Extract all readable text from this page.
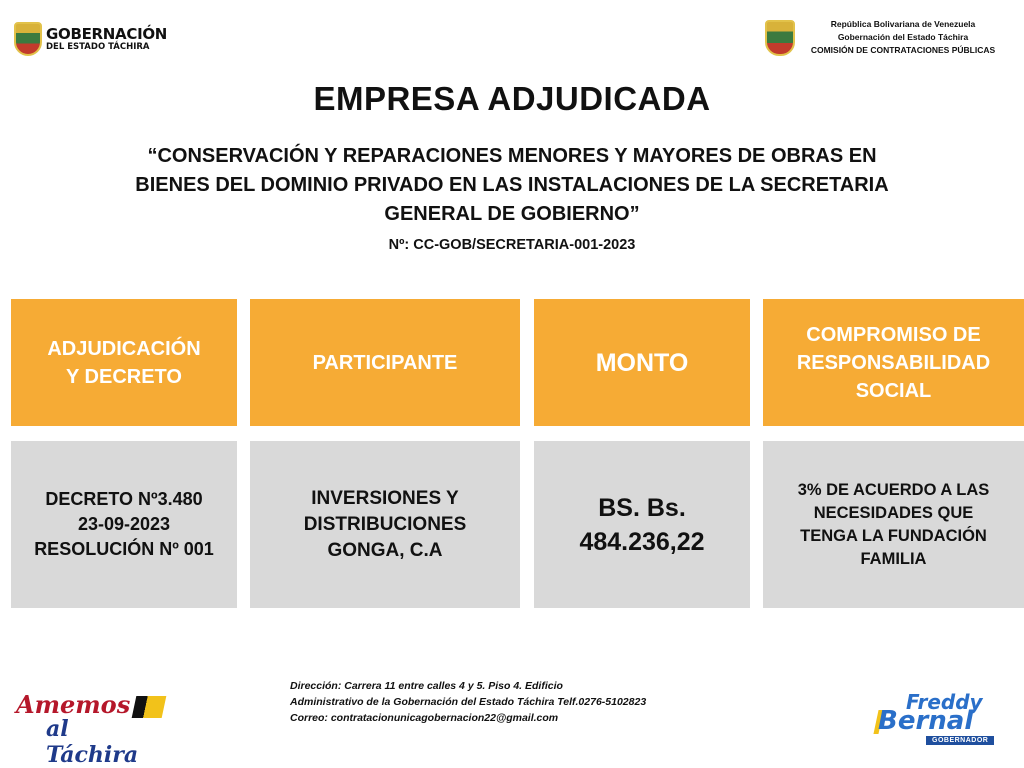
GOBERNACIÓN
DEL ESTADO TÁCHIRA
República Bolivariana de Venezuela
Gobernación del Estado Táchira
COMISIÓN DE CONTRATACIONES PÚBLICAS
EMPRESA ADJUDICADA
“CONSERVACIÓN Y REPARACIONES MENORES Y MAYORES DE OBRAS EN BIENES DEL DOMINIO PRIVADO EN LAS INSTALACIONES DE LA SECRETARIA GENERAL DE GOBIERNO”
Nº: CC-GOB/SECRETARIA-001-2023
ADJUDICACIÓN
Y DECRETO
PARTICIPANTE	MONTO
COMPROMISO DE
RESPONSABILIDAD
SOCIAL
DECRETO Nº3.480
23-09-2023
RESOLUCIÓN Nº 001
INVERSIONES Y
DISTRIBUCIONES
GONGA, C.A
BS. Bs.
484.236,22
3% DE ACUERDO A LAS
NECESIDADES QUE
TENGA LA FUNDACIÓN
FAMILIA
Amemos
al Táchira
Dirección: Carrera 11 entre calles 4 y 5. Piso 4. Edificio
Administrativo de la Gobernación del Estado Táchira Telf.0276-5102823
Correo: contratacionunicagobernacion22@gmail.com
Freddy
Bernal
GOBERNADOR
